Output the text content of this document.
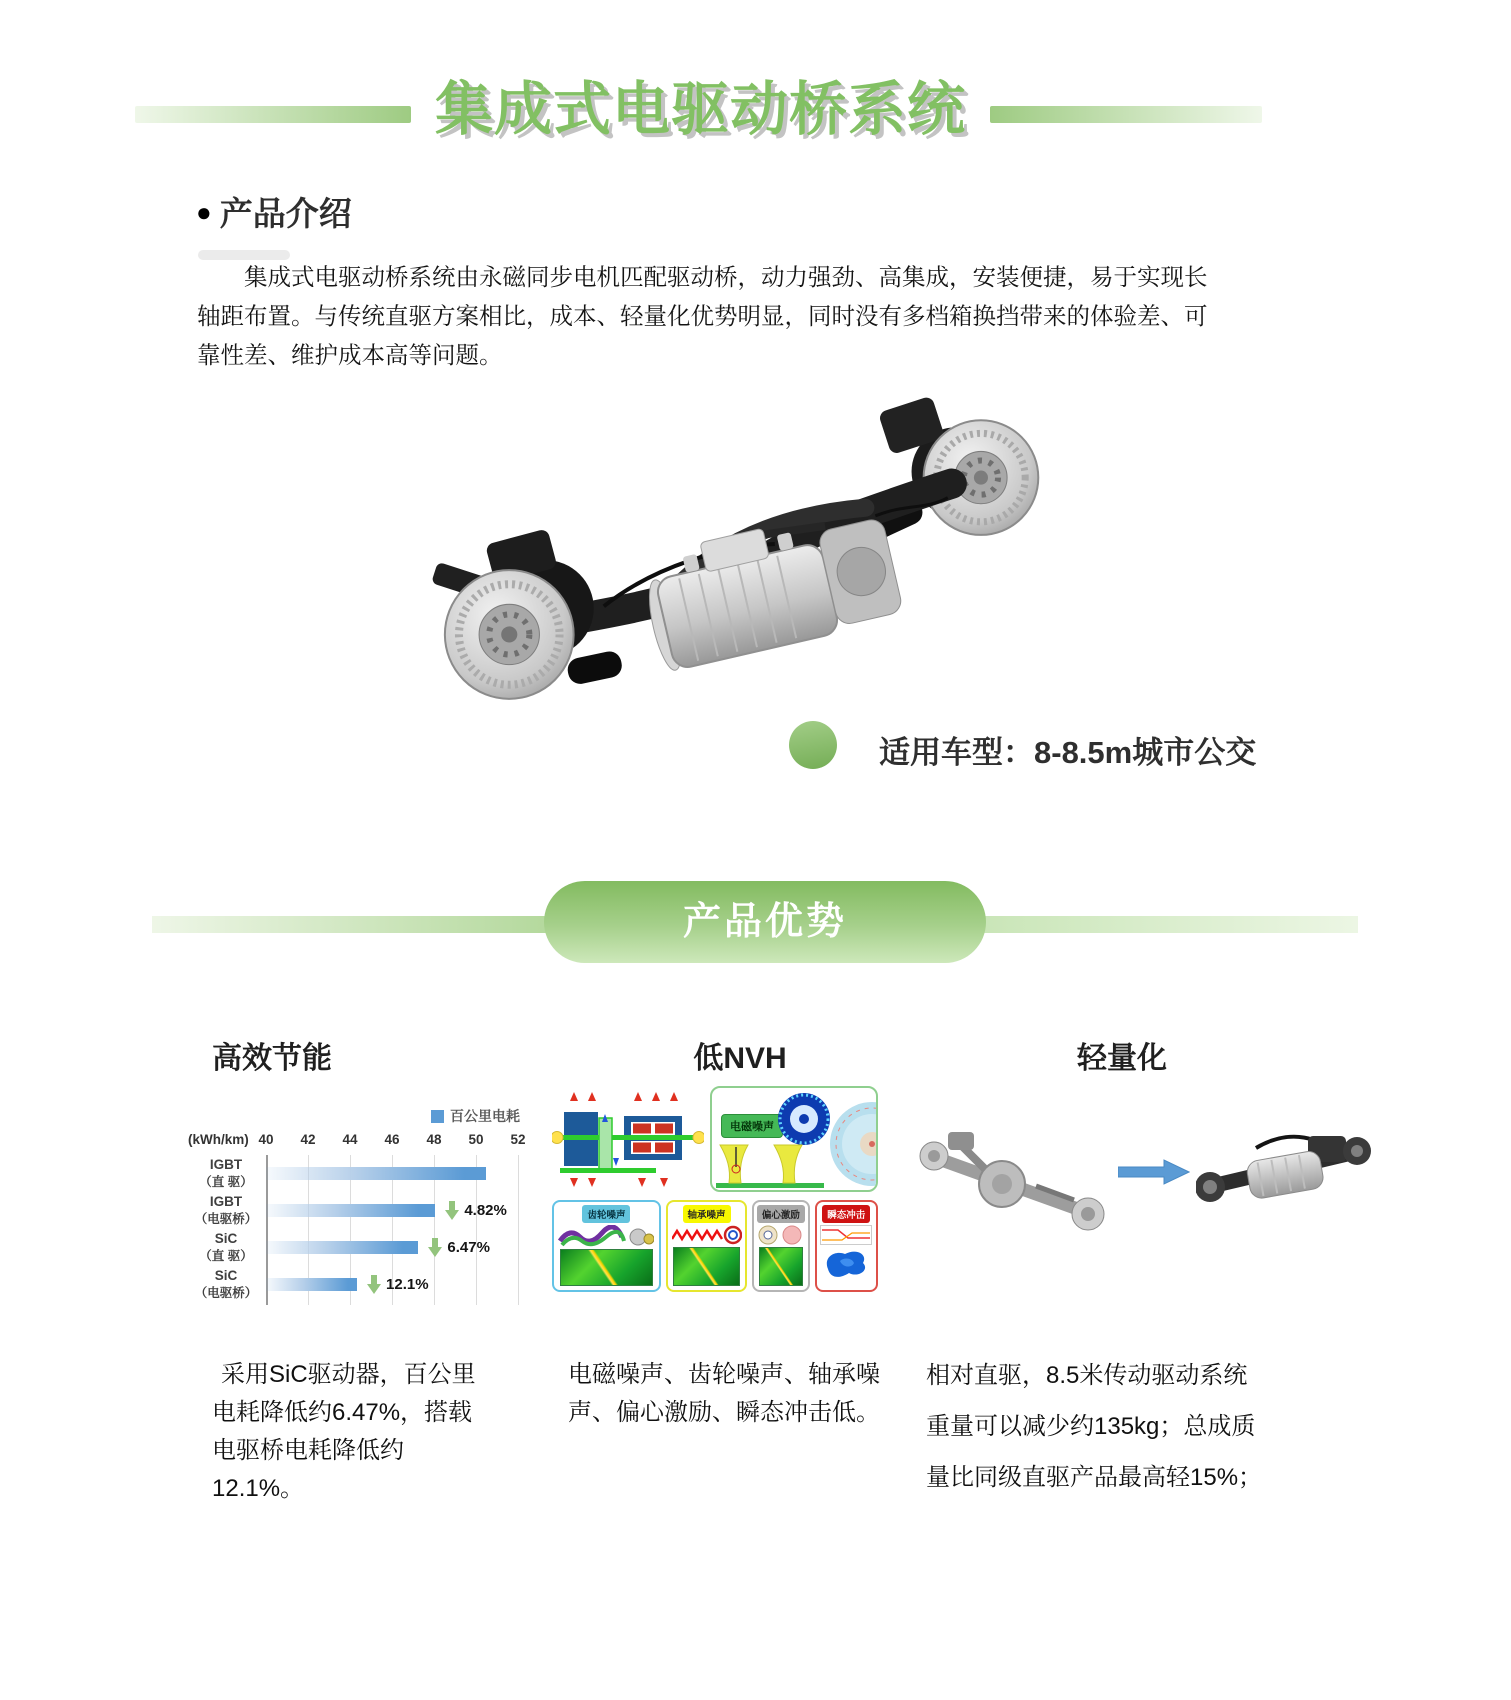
集成式电驱动桥系统
● 产品介绍

集成式电驱动桥系统由永磁同步电机匹配驱动桥，动力强劲、高集成，安装便捷，易于实现长轴距布置。与传统直驱方案相比，成本、轻量化优势明显，同时没有多档箱换挡带来的体验差、可靠性差、维护成本高等问题。

适用车型：8-8.5m城市公交
产品优势
高效节能	低NVH	轻量化
百公里电耗
(kWh/km) 40 42 44 46 48 50 52
IGBT
（直 驱）
IGBT
（电驱桥）	4.82%
SiC
（直 驱）	6.47%
SiC
（电驱桥）	12.1%
电磁噪声
齿轮噪声	轴承噪声	偏心激励	瞬态冲击

采用SiC驱动器，百公里电耗降低约6.47%，搭载电驱桥电耗降低约12.1%。

电磁噪声、齿轮噪声、轴承噪声、偏心激励、瞬态冲击低。

相对直驱，8.5米传动驱动系统重量可以减少约135kg；总成质量比同级直驱产品最高轻15%；
